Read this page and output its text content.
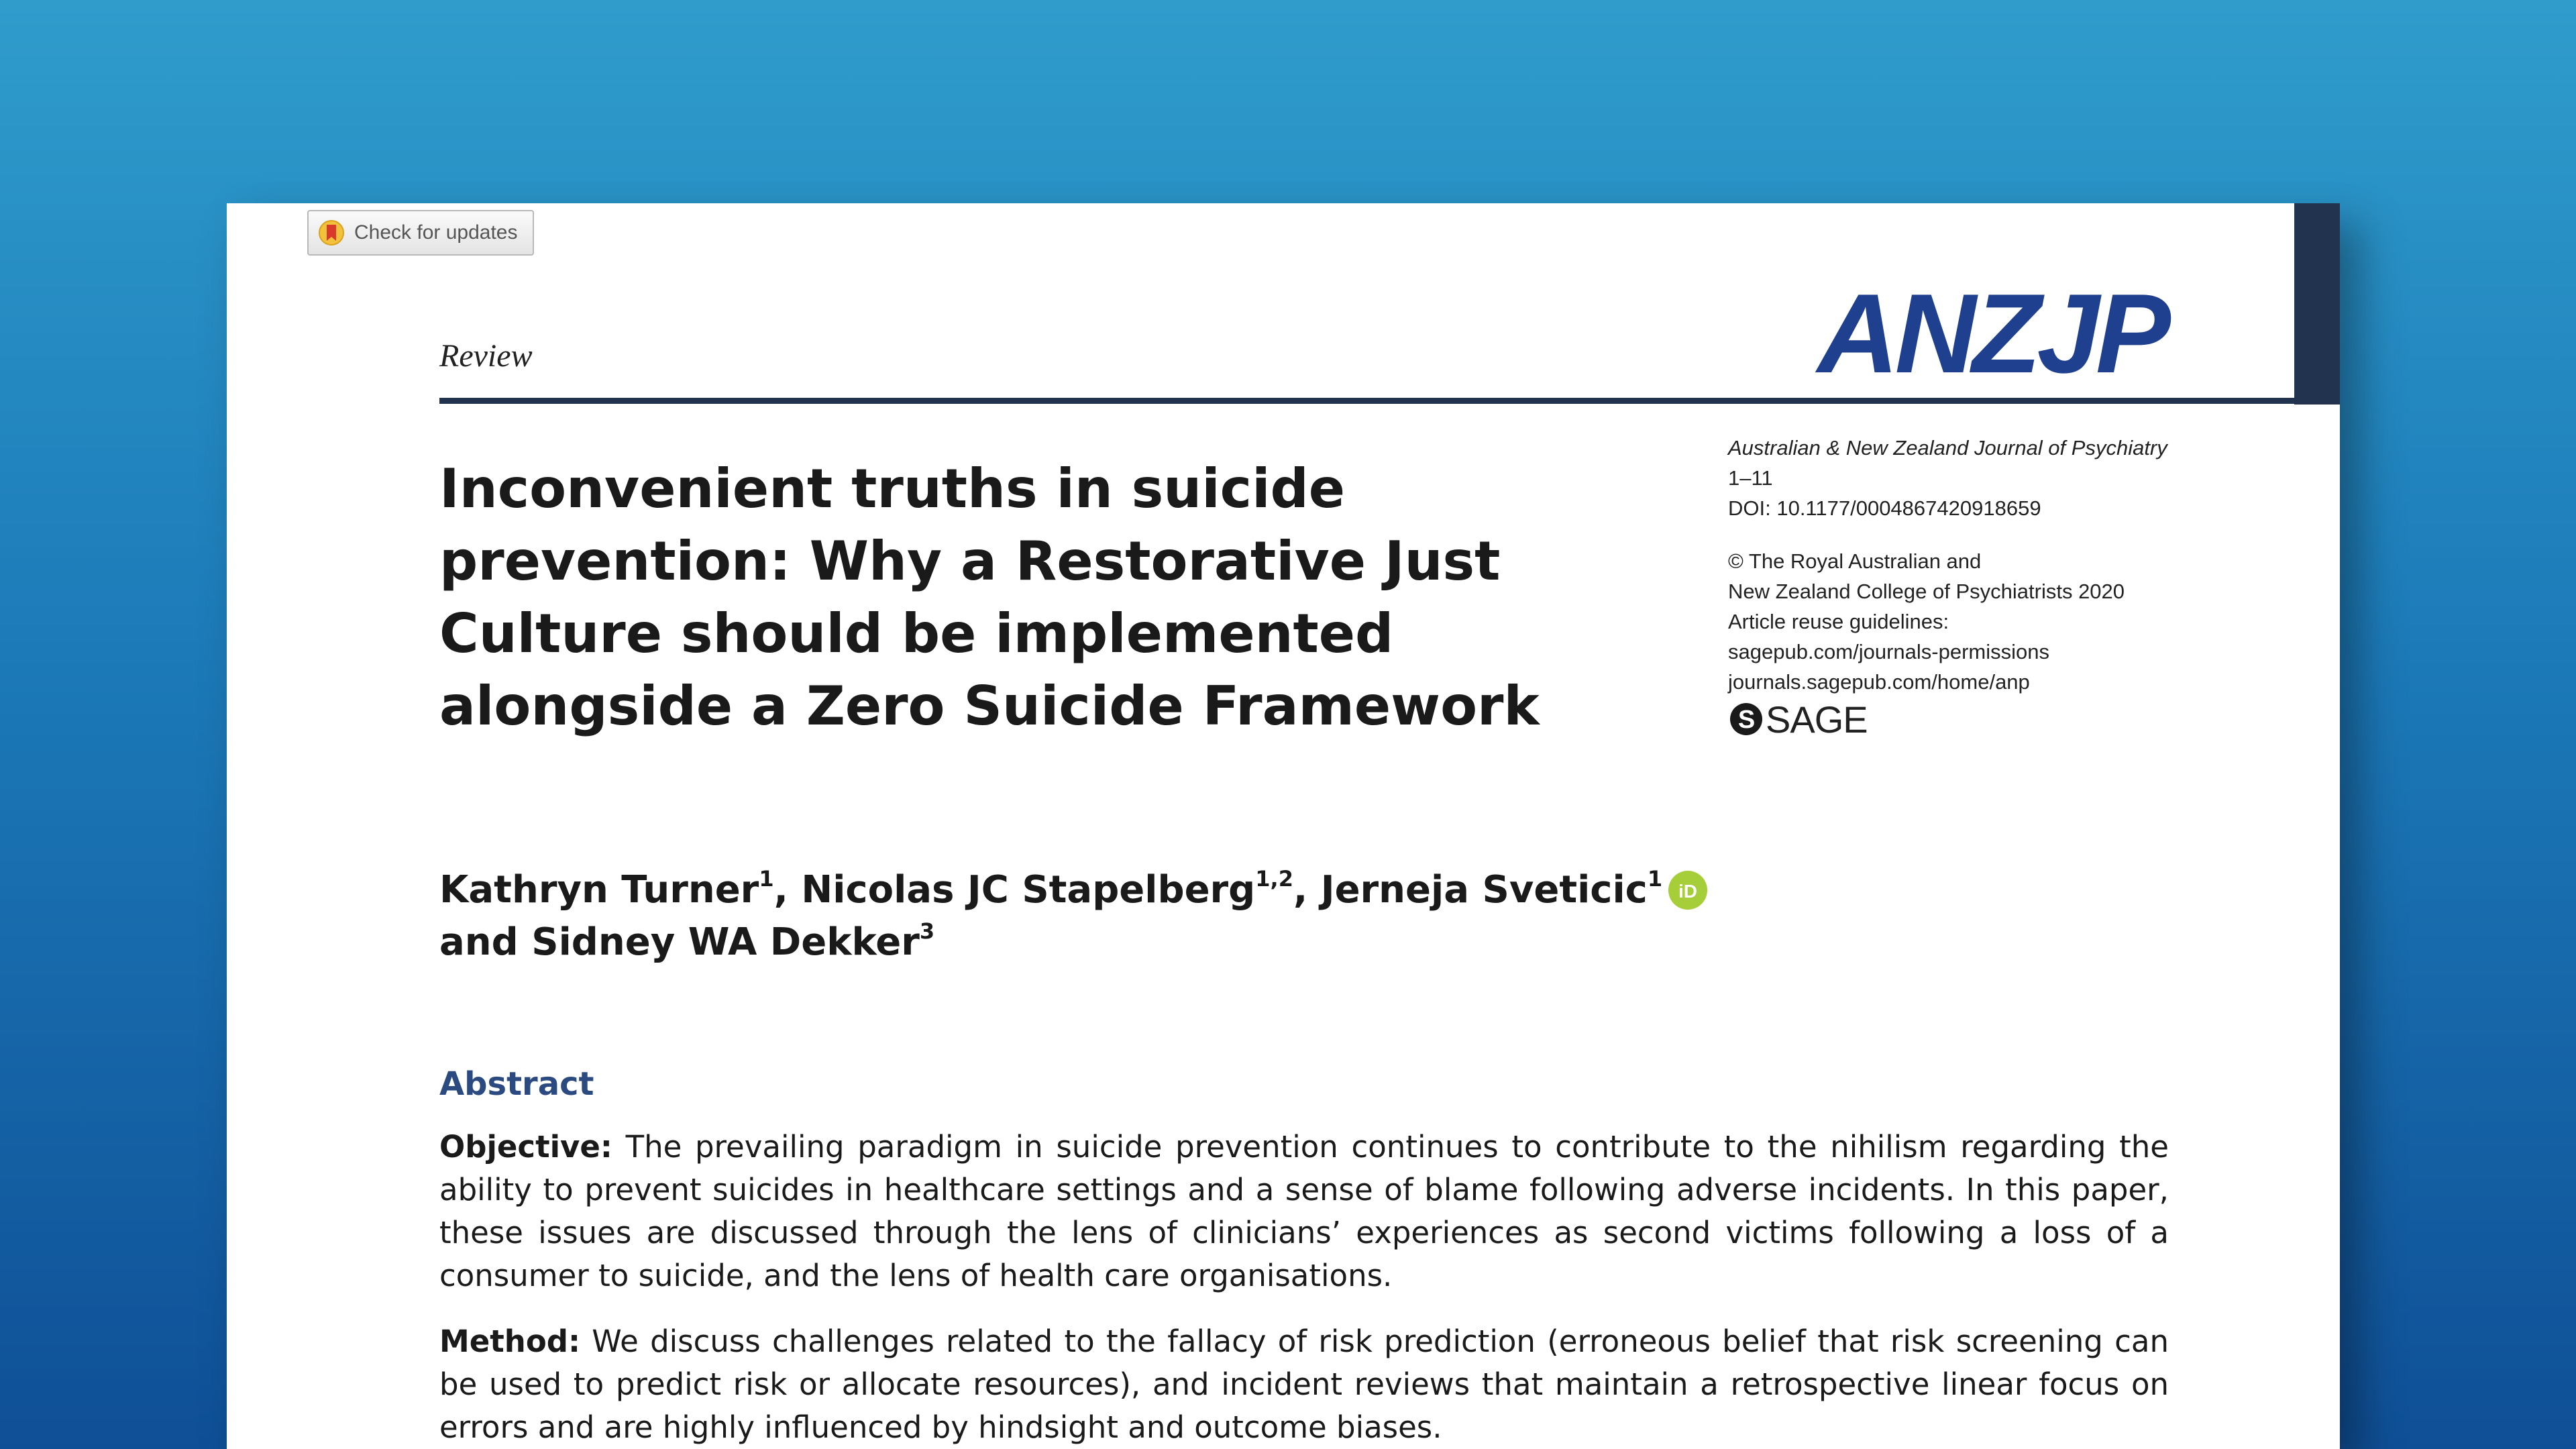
Check for updates
Review	ANZJP
Inconvenient truths in suicide prevention: Why a Restorative Just Culture should be implemented alongside a Zero Suicide Framework
Australian & New Zealand Journal of Psychiatry
1–11
DOI: 10.1177/0004867420918659
© The Royal Australian and
New Zealand College of Psychiatrists 2020
Article reuse guidelines:
sagepub.com/journals-permissions
journals.sagepub.com/home/anp
S SAGE
Kathryn Turner$^1$, Nicolas JC Stapelberg$^{1,2}$, Jerneja Sveticic$^1$ iD

and Sidney WA Dekker$^3$
Abstract

Objective: The prevailing paradigm in suicide prevention continues to contribute to the nihilism regarding the ability to prevent suicides in healthcare settings and a sense of blame following adverse incidents. In this paper, these issues are discussed through the lens of clinicians’ experiences as second victims following a loss of a consumer to suicide, and the lens of health care organisations.

Method: We discuss challenges related to the fallacy of risk prediction (erroneous belief that risk screening can be used to predict risk or allocate resources), and incident reviews that maintain a retrospective linear focus on errors and are highly influenced by hindsight and outcome biases.
